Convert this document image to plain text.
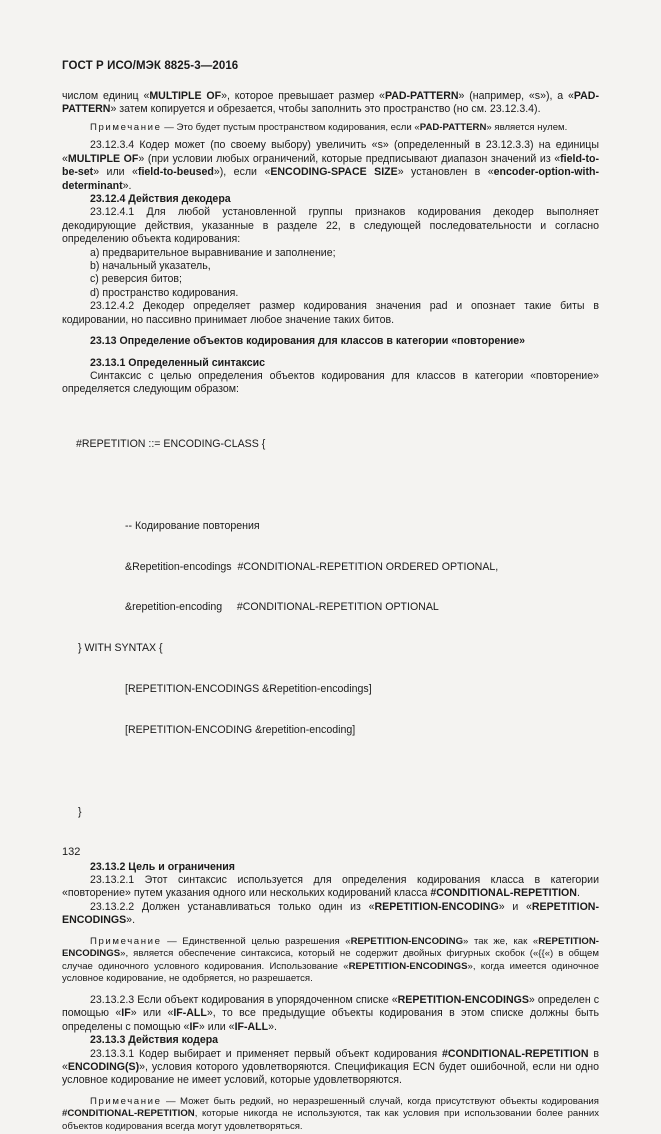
ГОСТ Р ИСО/МЭК 8825-3—2016

числом единиц «MULTIPLE OF», которое превышает размер «PAD-PATTERN» (например, «s»), а «PAD-PATTERN» затем копируется и обрезается, чтобы заполнить это пространство (но см. 23.12.3.4).

Примечание — Это будет пустым пространством кодирования, если «PAD-PATTERN» является нулем.

23.12.3.4 Кодер может (по своему выбору) увеличить «s» (определенный в 23.12.3.3) на единицы «MULTIPLE OF» (при условии любых ограничений, которые предписывают диапазон значений из «field-to-be-set» или «field-to-beused»), если «ENCODING-SPACE SIZE» установлен в «encoder-option-with-determinant».

23.12.4 Действия декодера

23.12.4.1 Для любой установленной группы признаков кодирования декодер выполняет декодирующие действия, указанные в разделе 22, в следующей последовательности и согласно определению объекта кодирования:

a) предварительное выравнивание и заполнение;

b) начальный указатель,

c) реверсия битов;

d) пространство кодирования.

23.12.4.2 Декодер определяет размер кодирования значения pad и опознает такие биты в кодировании, но пассивно принимает любое значение таких битов.

23.13 Определение объектов кодирования для классов в категории «повторение»

23.13.1 Определенный синтаксис

Синтаксис с целью определения объектов кодирования для классов в категории «повторение» определяется следующим образом:

#REPETITION ::= ENCODING-CLASS {

-- Кодирование повторения

&Repetition-encodings  #CONDITIONAL-REPETITION ORDERED OPTIONAL,

&repetition-encoding     #CONDITIONAL-REPETITION OPTIONAL

} WITH SYNTAX {

[REPETITION-ENCODINGS &Repetition-encodings]

[REPETITION-ENCODING &repetition-encoding]

}

23.13.2 Цель и ограничения

23.13.2.1 Этот синтаксис используется для определения кодирования класса в категории «повторение» путем указания одного или нескольких кодирований класса #CONDITIONAL-REPETITION.

23.13.2.2 Должен устанавливаться только один из «REPETITION-ENCODING» и «REPETITION-ENCODINGS».

Примечание — Единственной целью разрешения «REPETITION-ENCODING» так же, как «REPETITION-ENCODINGS», является обеспечение синтаксиса, который не содержит двойных фигурных скобок («{{«) в общем случае одиночного условного кодирования. Использование «REPETITION-ENCODINGS», когда имеется одиночное условное кодирование, не одобряется, но разрешается.

23.13.2.3 Если объект кодирования в упорядоченном списке «REPETITION-ENCODINGS» определен с помощью «IF» или «IF-ALL», то все предыдущие объекты кодирования в этом списке должны быть определены с помощью «IF» или «IF-ALL».

23.13.3 Действия кодера

23.13.3.1 Кодер выбирает и применяет первый объект кодирования #CONDITIONAL-REPETITION в «ENCODING(S)», условия которого удовлетворяются. Спецификация ECN будет ошибочной, если ни одно условное кодирование не имеет условий, которые удовлетворяются.

Примечание — Может быть редкий, но неразрешенный случай, когда присутствуют объекты кодирования #CONDITIONAL-REPETITION, которые никогда не используются, так как условия при использовании более ранних объектов кодирования всегда могут удовлетворяться.

132
